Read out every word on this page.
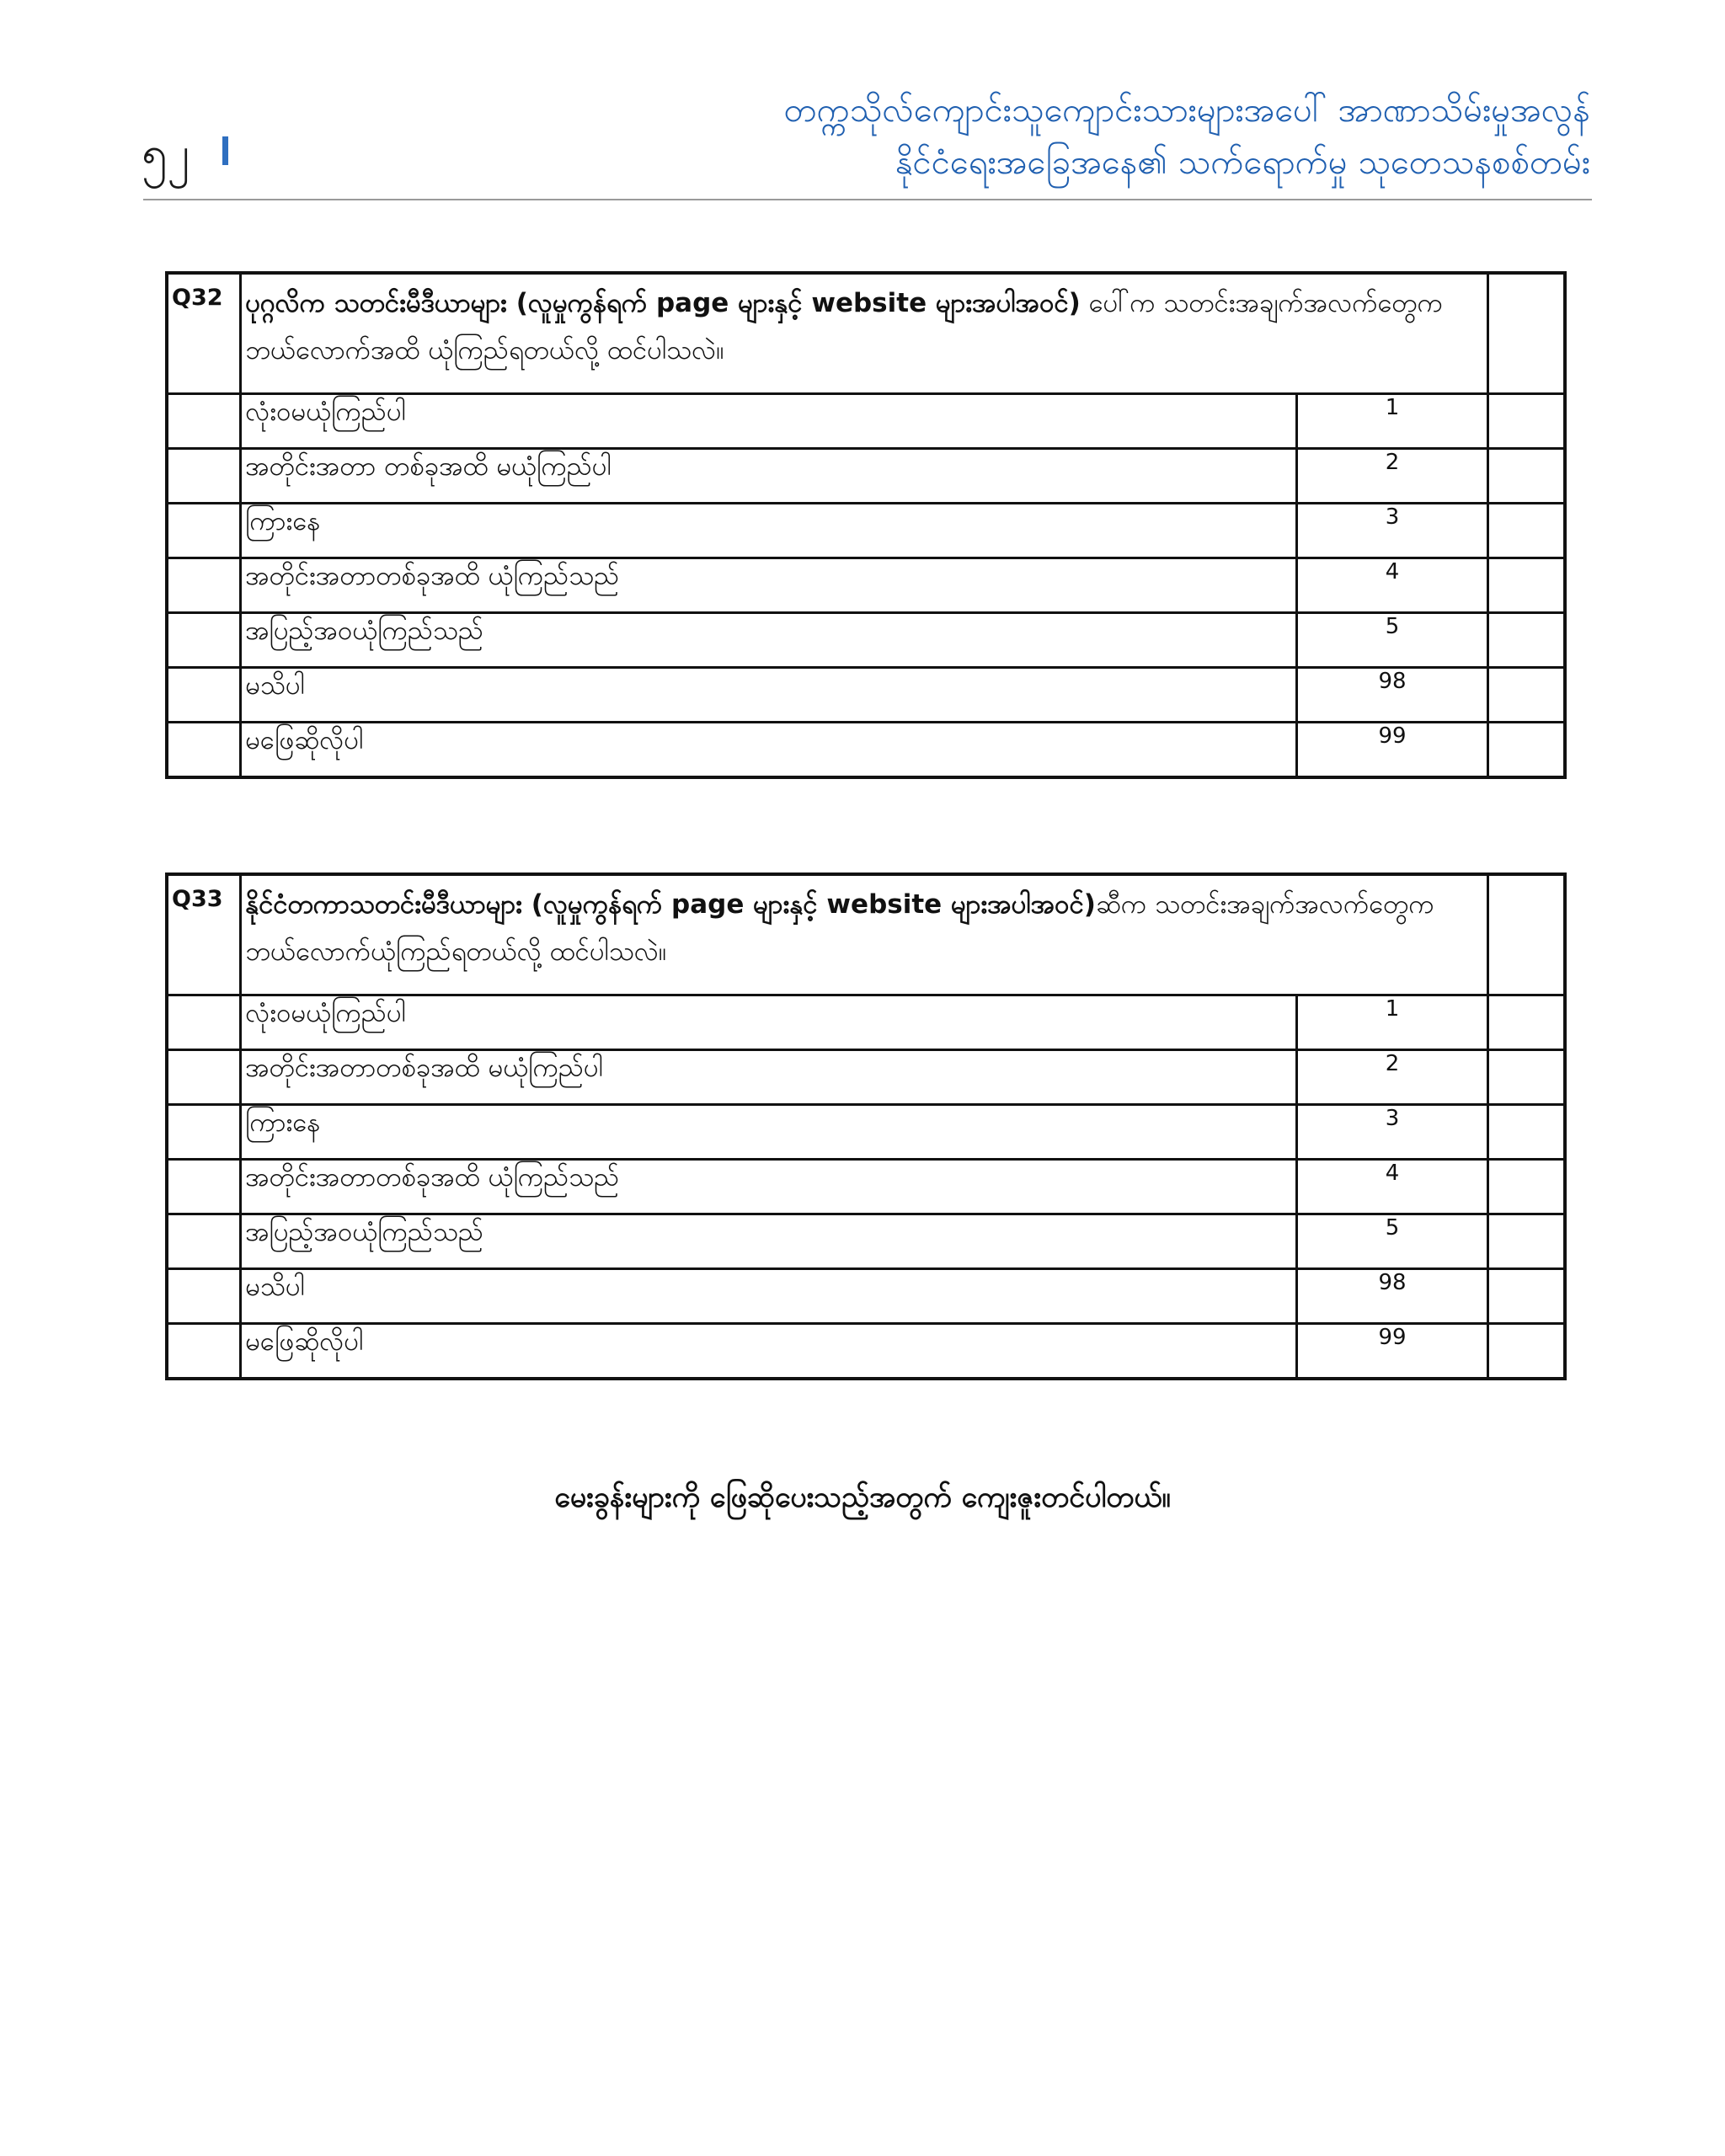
၅၂
တက္ကသိုလ်ကျောင်းသူကျောင်းသားများအပေါ် အာဏာသိမ်းမှုအလွန်
နိုင်ငံရေးအခြေအနေ၏ သက်ရောက်မှု သုတေသနစစ်တမ်း
Q32	ပုဂ္ဂလိက သတင်းမီဒီယာများ (လူမှုကွန်ရက် page များနှင့် website များအပါအဝင်) ပေါ်က သတင်းအချက်အလက်တွေက ဘယ်လောက်အထိ ယုံကြည်ရတယ်လို့ ထင်ပါသလဲ။		
	လုံးဝမယုံကြည်ပါ	1	
	အတိုင်းအတာ တစ်ခုအထိ မယုံကြည်ပါ	2	
	ကြားနေ	3	
	အတိုင်းအတာတစ်ခုအထိ ယုံကြည်သည်	4	
	အပြည့်အဝယုံကြည်သည်	5	
	မသိပါ	98	
	မဖြေဆိုလိုပါ	99	
Q33	နိုင်ငံတကာသတင်းမီဒီယာများ (လူမှုကွန်ရက် page များနှင့် website များအပါအဝင်)ဆီက သတင်းအချက်အလက်တွေက ဘယ်လောက်ယုံကြည်ရတယ်လို့ ထင်ပါသလဲ။		
	လုံးဝမယုံကြည်ပါ	1	
	အတိုင်းအတာတစ်ခုအထိ မယုံကြည်ပါ	2	
	ကြားနေ	3	
	အတိုင်းအတာတစ်ခုအထိ ယုံကြည်သည်	4	
	အပြည့်အဝယုံကြည်သည်	5	
	မသိပါ	98	
	မဖြေဆိုလိုပါ	99	
မေးခွန်းများကို ဖြေဆိုပေးသည့်အတွက် ကျေးဇူးတင်ပါတယ်။
